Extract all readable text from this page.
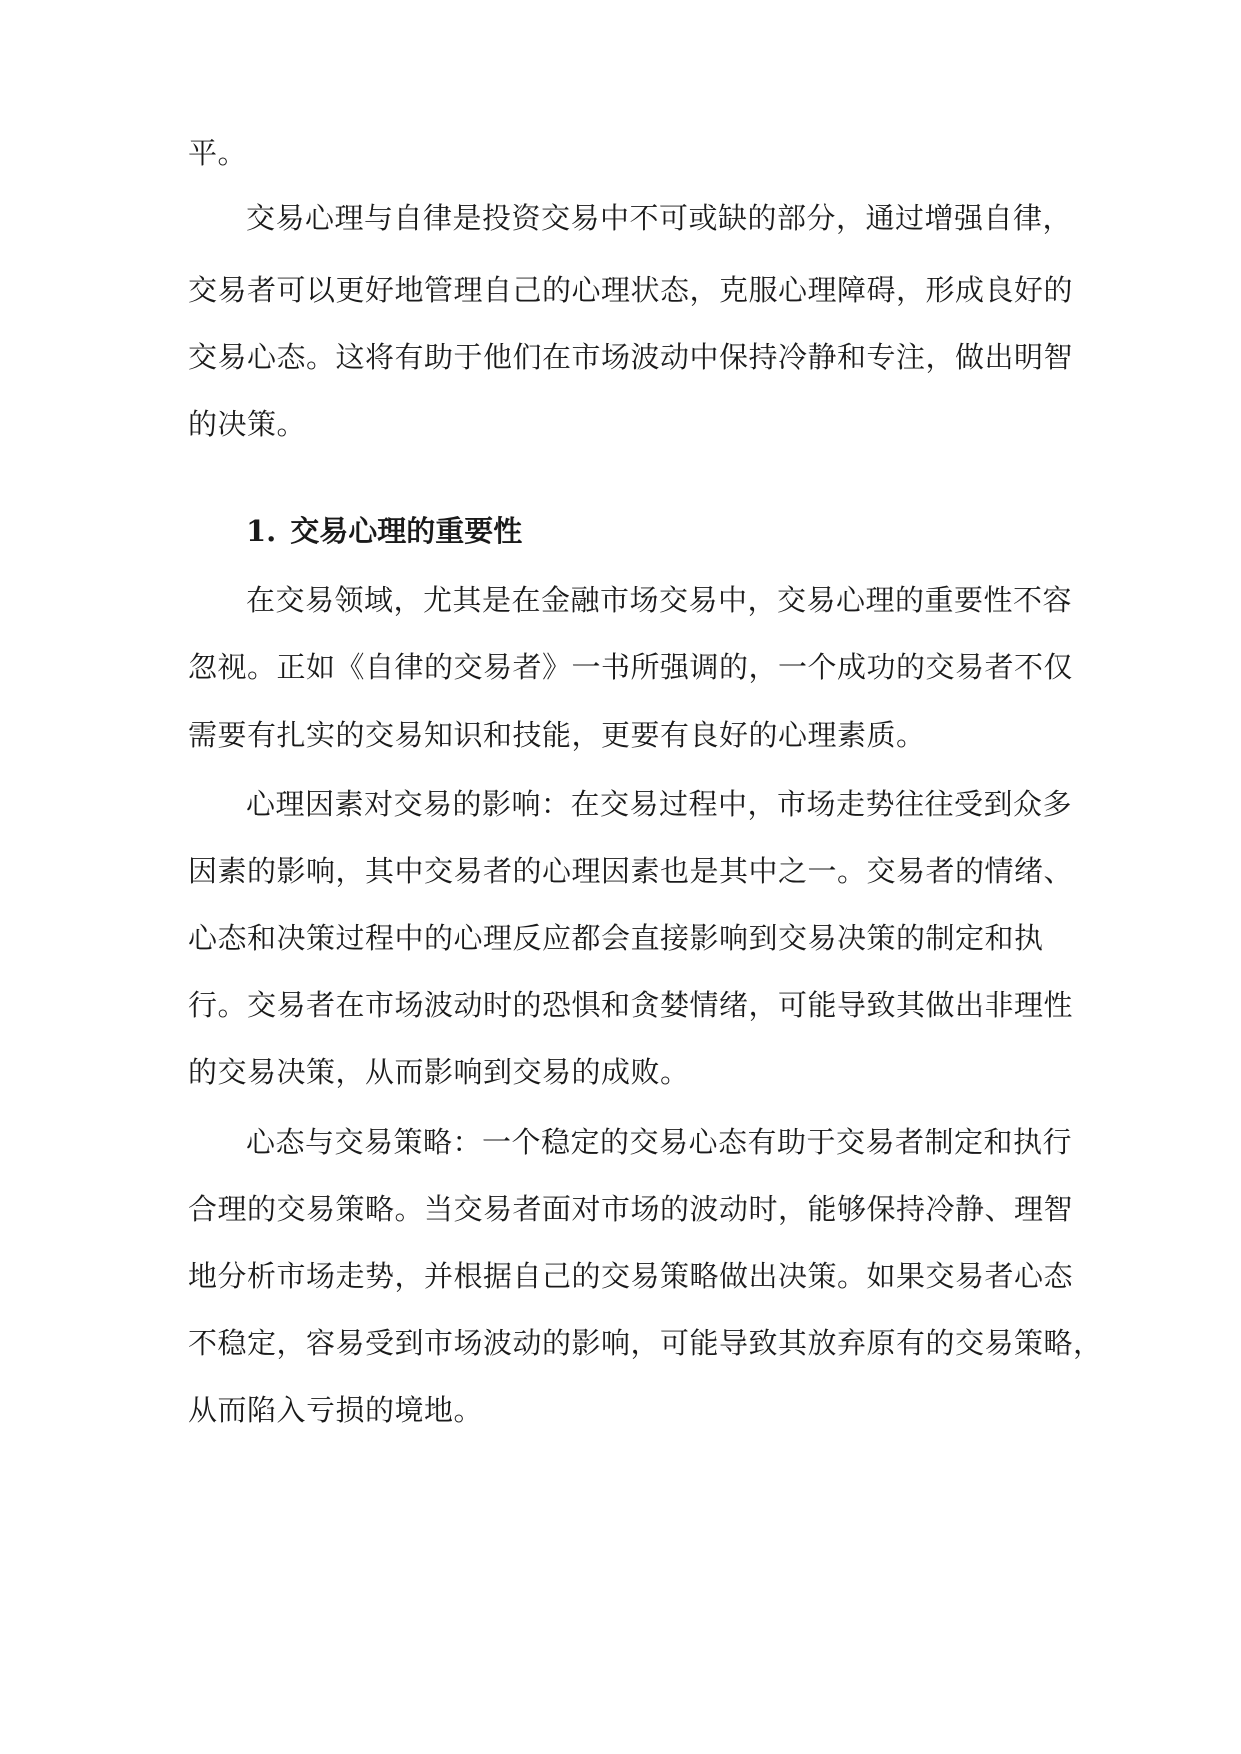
平。

交易心理与自律是投资交易中不可或缺的部分，通过增强自律，

交易者可以更好地管理自己的心理状态，克服心理障碍，形成良好的

交易心态。这将有助于他们在市场波动中保持冷静和专注，做出明智

的决策。

1. 交易心理的重要性

在交易领域，尤其是在金融市场交易中，交易心理的重要性不容

忽视。正如《自律的交易者》一书所强调的，一个成功的交易者不仅

需要有扎实的交易知识和技能，更要有良好的心理素质。

心理因素对交易的影响：在交易过程中，市场走势往往受到众多

因素的影响，其中交易者的心理因素也是其中之一。交易者的情绪、

心态和决策过程中的心理反应都会直接影响到交易决策的制定和执

行。交易者在市场波动时的恐惧和贪婪情绪，可能导致其做出非理性

的交易决策，从而影响到交易的成败。

心态与交易策略：一个稳定的交易心态有助于交易者制定和执行

合理的交易策略。当交易者面对市场的波动时，能够保持冷静、理智

地分析市场走势，并根据自己的交易策略做出决策。如果交易者心态

不稳定，容易受到市场波动的影响，可能导致其放弃原有的交易策略，

从而陷入亏损的境地。
